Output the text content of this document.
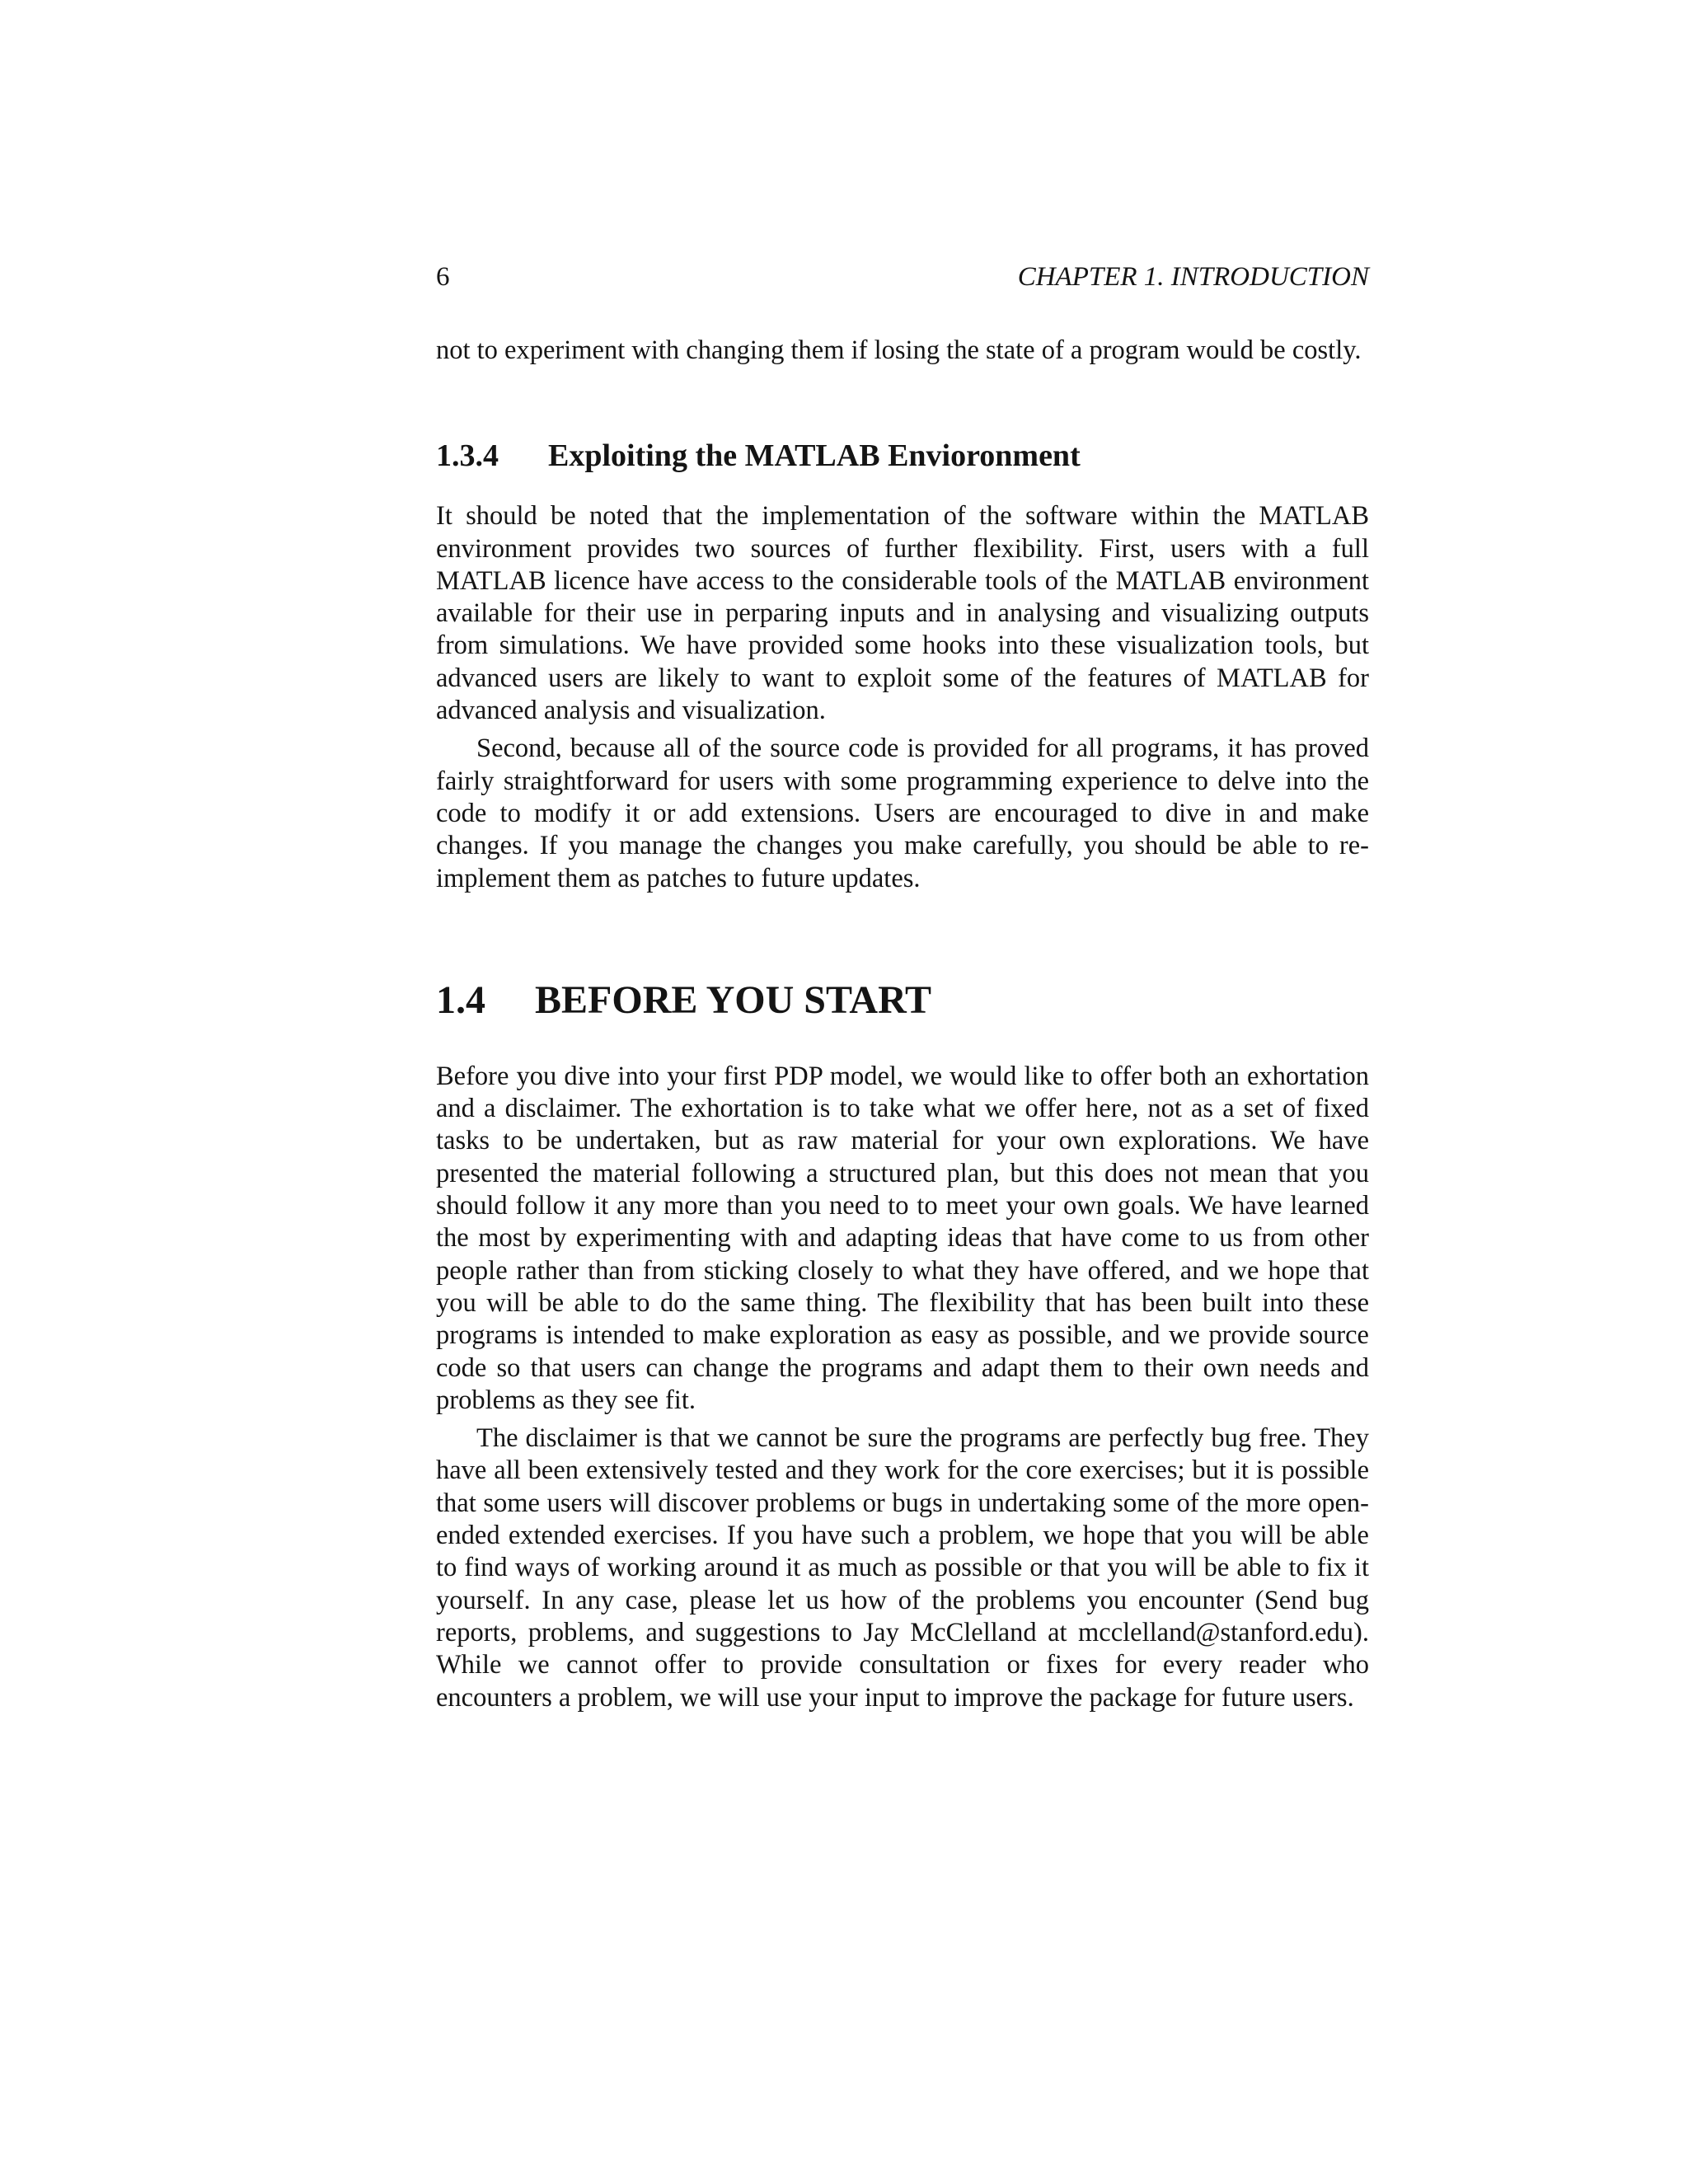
6	CHAPTER 1. INTRODUCTION

not to experiment with changing them if losing the state of a program would be costly.

1.3.4	Exploiting the MATLAB Envioronment

It should be noted that the implementation of the software within the MATLAB environment provides two sources of further flexibility. First, users with a full MATLAB licence have access to the considerable tools of the MATLAB environment available for their use in perparing inputs and in analysing and visualizing outputs from simulations. We have provided some hooks into these visualization tools, but advanced users are likely to want to exploit some of the features of MATLAB for advanced analysis and visualization.

Second, because all of the source code is provided for all programs, it has proved fairly straightforward for users with some programming experience to delve into the code to modify it or add extensions. Users are encouraged to dive in and make changes. If you manage the changes you make carefully, you should be able to re-implement them as patches to future updates.

1.4	BEFORE YOU START

Before you dive into your first PDP model, we would like to offer both an exhortation and a disclaimer. The exhortation is to take what we offer here, not as a set of fixed tasks to be undertaken, but as raw material for your own explorations. We have presented the material following a structured plan, but this does not mean that you should follow it any more than you need to to meet your own goals. We have learned the most by experimenting with and adapting ideas that have come to us from other people rather than from sticking closely to what they have offered, and we hope that you will be able to do the same thing. The flexibility that has been built into these programs is intended to make exploration as easy as possible, and we provide source code so that users can change the programs and adapt them to their own needs and problems as they see fit.

The disclaimer is that we cannot be sure the programs are perfectly bug free. They have all been extensively tested and they work for the core exercises; but it is possible that some users will discover problems or bugs in undertaking some of the more open-ended extended exercises. If you have such a problem, we hope that you will be able to find ways of working around it as much as possible or that you will be able to fix it yourself. In any case, please let us how of the problems you encounter (Send bug reports, problems, and suggestions to Jay McClelland at mcclelland@stanford.edu). While we cannot offer to provide consultation or fixes for every reader who encounters a problem, we will use your input to improve the package for future users.
